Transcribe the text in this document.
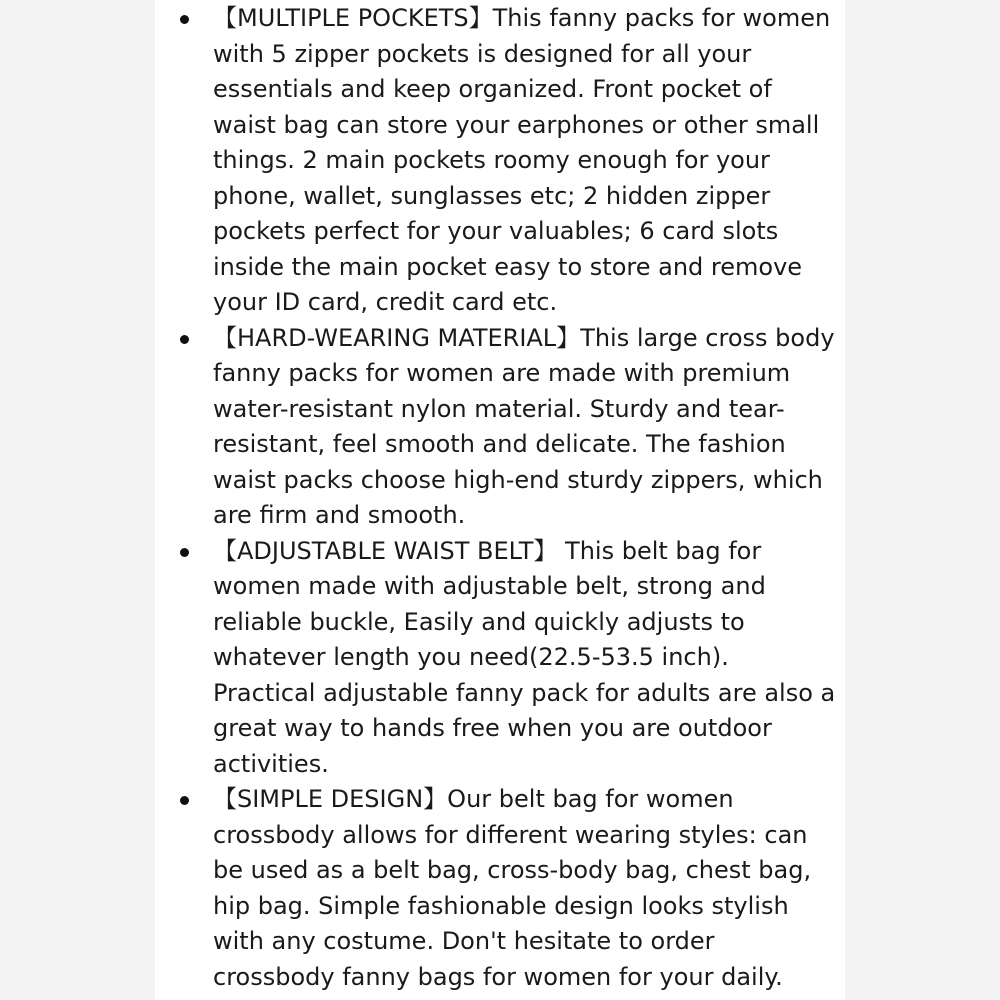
【MULTIPLE POCKETS】This fanny packs for women with 5 zipper pockets is designed for all your essentials and keep organized. Front pocket of waist bag can store your earphones or other small things. 2 main pockets roomy enough for your phone, wallet, sunglasses etc; 2 hidden zipper pockets perfect for your valuables; 6 card slots inside the main pocket easy to store and remove your ID card, credit card etc.
【HARD-WEARING MATERIAL】This large cross body fanny packs for women are made with premium water-resistant nylon material. Sturdy and tear-resistant, feel smooth and delicate. The fashion waist packs choose high-end sturdy zippers, which are firm and smooth.
【ADJUSTABLE WAIST BELT】 This belt bag for women made with adjustable belt, strong and reliable buckle, Easily and quickly adjusts to whatever length you need(22.5-53.5 inch). Practical adjustable fanny pack for adults are also a great way to hands free when you are outdoor activities.
【SIMPLE DESIGN】Our belt bag for women crossbody allows for different wearing styles: can be used as a belt bag, cross-body bag, chest bag, hip bag. Simple fashionable design looks stylish with any costume. Don't hesitate to order crossbody fanny bags for women for your daily.
